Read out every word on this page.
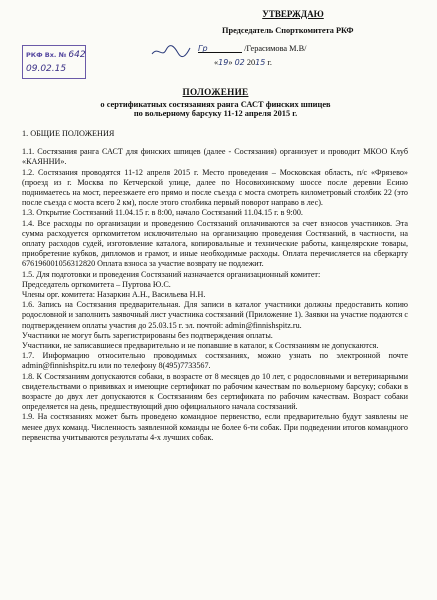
УТВЕРЖДАЮ
Председатель Спорткомитета РКФ
Гр	/Герасимова М.В/
«19» 02 2015 г.
РКФ Вх. № 642
09.02.15
ПОЛОЖЕНИЕ
о сертификатных состязаниях ранга САСТ финских шпицев
по вольерному барсуку 11-12 апреля 2015 г.
1. ОБЩИЕ ПОЛОЖЕНИЯ

1.1. Состязания ранга САСТ для финских шпицев (далее - Состязания) организует и проводит МКОО Клуб «КАЯННИ».

1.2. Состязания проводятся 11-12 апреля 2015 г. Место проведения – Московская область, п/с «Фрязево» (проезд из г. Москва по Кетчерской улице, далее по Носовихинскому шоссе после деревни Есино поднимаетесь на мост, переезжаете его прямо и после съезда с моста смотреть километровый столбик 22 (это после съезда с моста всего 2 км), после этого столбика первый поворот направо в лес).

1.3. Открытие Состязаний 11.04.15 г. в 8:00, начало Состязаний 11.04.15 г. в 9:00.

1.4. Все расходы по организации и проведению Состязаний оплачиваются за счет взносов участников. Эта сумма расходуется оргкомитетом исключительно на организацию проведения Состязаний, в частности, на оплату расходов судей, изготовление каталога, копировальные и технические работы, канцелярские товары, приобретение кубков, дипломов и грамот, и иные необходимые расходы. Оплата перечисляется на сберкарту 676196001056312820 Оплата взноса за участие возврату не подлежит.

1.5. Для подготовки и проведения Состязаний назначается организационный комитет:

Председатель оргкомитета – Пуртова Ю.С.

Члены орг. комитета: Назаркин А.Н., Васильева Н.Н.

1.6. Запись на Состязания предварительная. Для записи в каталог участники должны предоставить копию родословной и заполнить заявочный лист участника состязаний (Приложение 1). Заявки на участие подаются с подтверждением оплаты участия до 25.03.15 г. эл. почтой: admin@finnishspitz.ru.

Участники не могут быть зарегистрированы без подтверждения оплаты.

Участники, не записавшиеся предварительно и не попавшие в каталог, к Состязаниям не допускаются.

1.7. Информацию относительно проводимых состязаниях, можно узнать по электронной почте admin@finnishspitz.ru или по телефону 8(495)7733567.

1.8. К Состязаниям допускаются собаки, в возрасте от 8 месяцев до 10 лет, с родословными и ветеринарными свидетельствами о прививках и имеющие сертификат по рабочим качествам по вольерному барсуку; собаки в возрасте до двух лет допускаются к Состязаниям без сертификата по рабочим качествам. Возраст собаки определяется на день, предшествующий дню официального начала состязаний.

1.9. На состязаниях может быть проведено командное первенство, если предварительно будут заявлены не менее двух команд. Численность заявленной команды не более 6-ти собак. При подведении итогов командного первенства учитываются результаты 4-х лучших собак.
